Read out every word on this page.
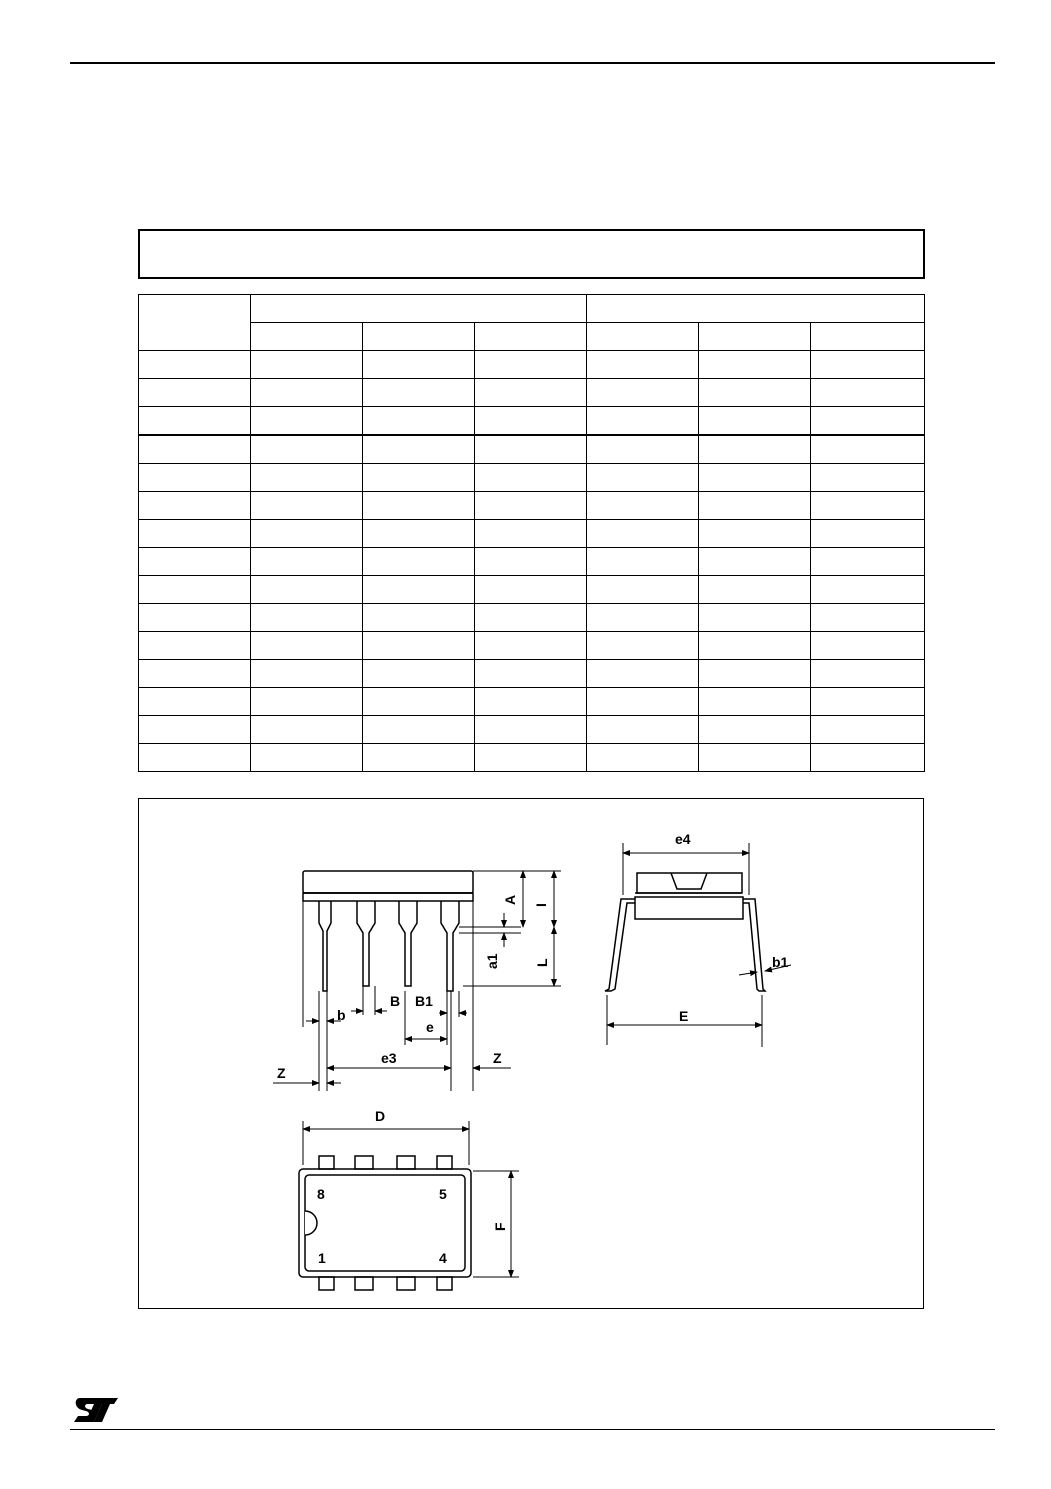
A
I
a1 L
b
B B1
e
e3
Z
Z
e4
b1
E
D
F
8	5
1	4
